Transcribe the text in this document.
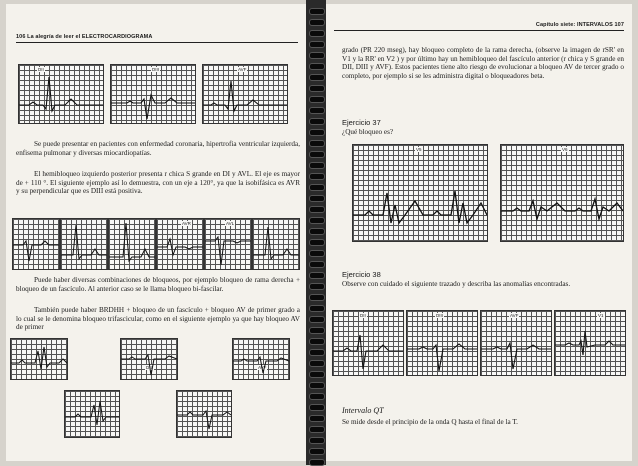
106 La alegría de leer el ELECTROCARDIOGRAMA
DII	DIII	AVF

Se puede presentar en pacientes con enfermedad coronaria, hipertrofia ventricular izquierda, enfisema pulmonar y diversas miocardiopatías.

El hemibloqueo izquierdo posterior presenta r chica S grande en DI y AVL. El eje es mayor de + 110 °. El siguiente ejemplo así lo demuestra, con un eje a 120°, ya que la isobifásica es AVR y su perpendicular que es DIII está positiva.

AVR	AVL

Puede haber diversas combinaciones de bloqueos, por ejemplo bloqueo de rama derecha + bloqueo de un fascículo. Al anterior caso se le llama bloqueo bi-fascilar.

También puede haber BRDHH + bloqueo de un fascículo + bloqueo AV de primer grado a lo cual se le denomina bloqueo trifascicular, como en el siguiente ejemplo ya que hay bloqueo AV de primer

DIII	AVF
Capítulo siete: INTERVALOS 107

grado (PR 220 mseg), hay bloqueo completo de la rama derecha, (observe la imagen de rSR' en V1 y la RR' en V2 ) y por último hay un hemibloqueo del fascículo anterior (r chica y S grande en DII, DIII y AVF). Estos pacientes tiene alto riesgo de evolucionar a bloqueo AV de tercer grado o completo, por ejemplo si se les administra digital o bloqueadores beta.

Ejercicio 37

¿Qué bloqueo es?

V5	V6
Ejercicio 38

Observe con cuidado el siguiente trazado y describa las anomalías encontradas.

DII	DIII	AVF	V1
Intervalo QT

Se mide desde el principio de la onda Q hasta el final de la T.
